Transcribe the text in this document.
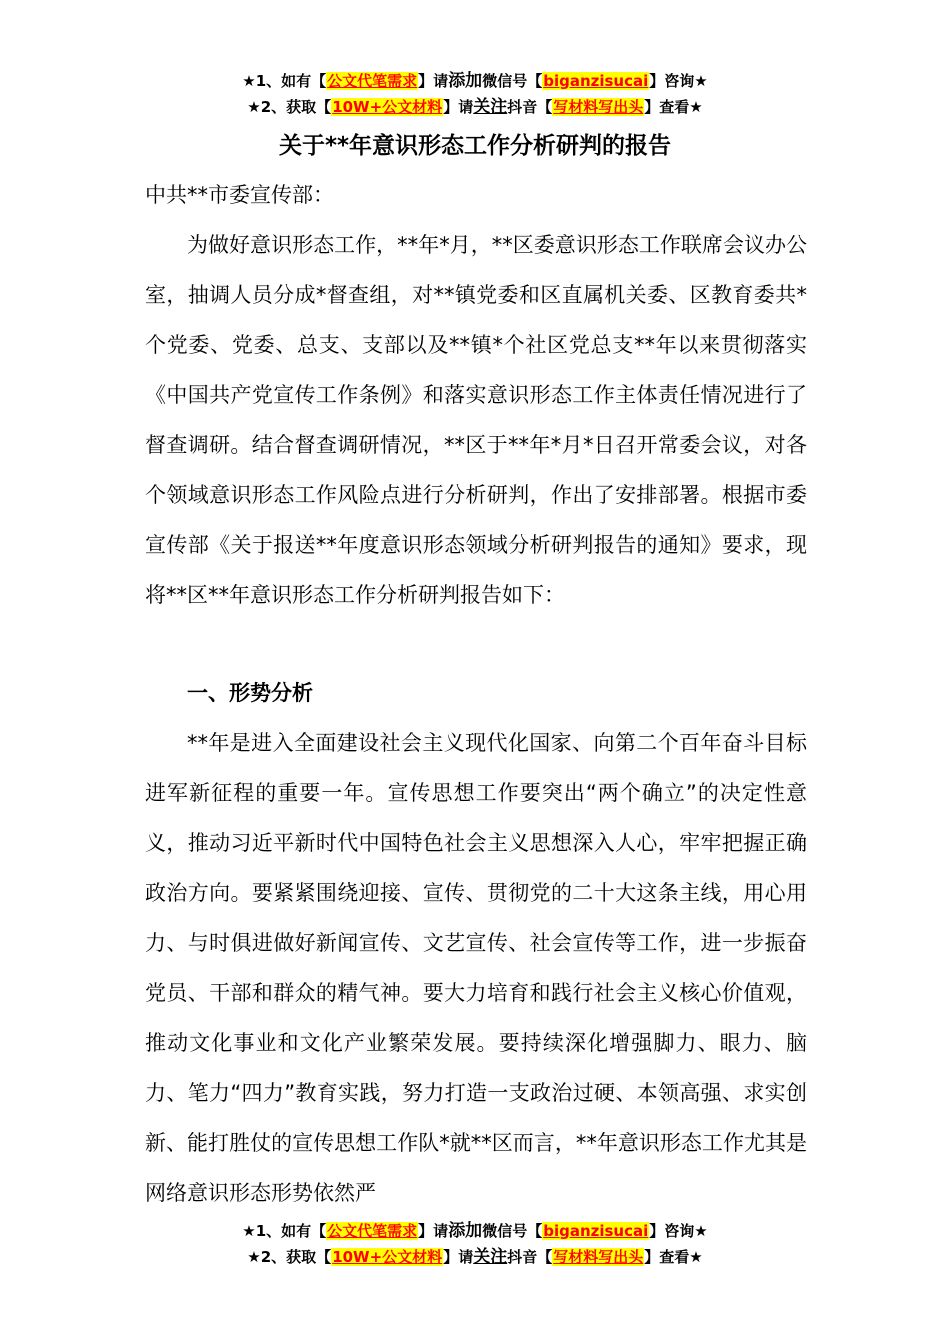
★1、如有【公文代笔需求】请添加微信号【biganzisucai】咨询★
★2、获取【10W+公文材料】请关注抖音【写材料写出头】查看★
关于**年意识形态工作分析研判的报告
中共**市委宣传部：

为做好意识形态工作，**年*月，**区委意识形态工作联席会议办公室，抽调人员分成*督查组，对**镇党委和区直属机关委、区教育委共*个党委、党委、总支、支部以及**镇*个社区党总支**年以来贯彻落实《中国共产党宣传工作条例》和落实意识形态工作主体责任情况进行了督查调研。结合督查调研情况，**区于**年*月*日召开常委会议，对各个领域意识形态工作风险点进行分析研判，作出了安排部署。根据市委宣传部《关于报送**年度意识形态领域分析研判报告的通知》要求，现将**区**年意识形态工作分析研判报告如下：

一、形势分析

**年是进入全面建设社会主义现代化国家、向第二个百年奋斗目标进军新征程的重要一年。宣传思想工作要突出“两个确立”的决定性意义，推动习近平新时代中国特色社会主义思想深入人心，牢牢把握正确政治方向。要紧紧围绕迎接、宣传、贯彻党的二十大这条主线，用心用力、与时俱进做好新闻宣传、文艺宣传、社会宣传等工作，进一步振奋党员、干部和群众的精气神。要大力培育和践行社会主义核心价值观，推动文化事业和文化产业繁荣发展。要持续深化增强脚力、眼力、脑力、笔力“四力”教育实践，努力打造一支政治过硬、本领高强、求实创新、能打胜仗的宣传思想工作队*就**区而言，**年意识形态工作尤其是网络意识形态形势依然严

★1、如有【公文代笔需求】请添加微信号【biganzisucai】咨询★
★2、获取【10W+公文材料】请关注抖音【写材料写出头】查看★
